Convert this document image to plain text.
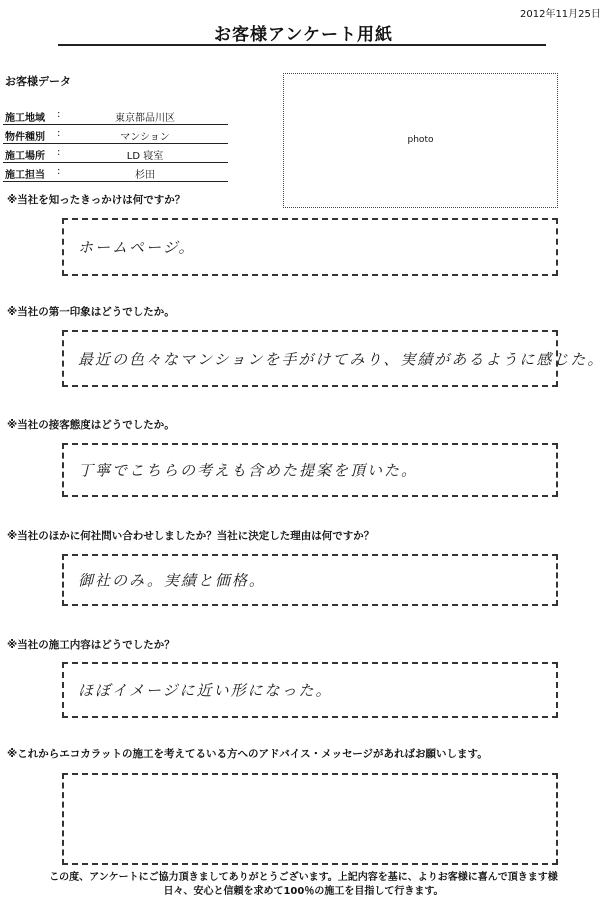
2012年11月25日
お客様アンケート用紙
お客様データ
施工地域 :	東京都品川区
物件種別 :	マンション
施工場所 :	LD 寝室
施工担当 :	杉田
photo
※当社を知ったきっかけは何ですか？
ホームページ。
※当社の第一印象はどうでしたか。
最近の色々なマンションを手がけてみり、実績があるように感じた。
※当社の接客態度はどうでしたか。
丁寧でこちらの考えも含めた提案を頂いた。
※当社のほかに何社問い合わせしましたか？当社に決定した理由は何ですか？
御社のみ。実績と価格。
※当社の施工内容はどうでしたか？
ほぼイメージに近い形になった。
※これからエコカラットの施工を考えてるいる方へのアドバイス・メッセージがあればお願いします。
この度、アンケートにご協力頂きましてありがとうございます。上記内容を基に、よりお客様に喜んで頂きます様
日々、安心と信頼を求めて100％の施工を目指して行きます。
